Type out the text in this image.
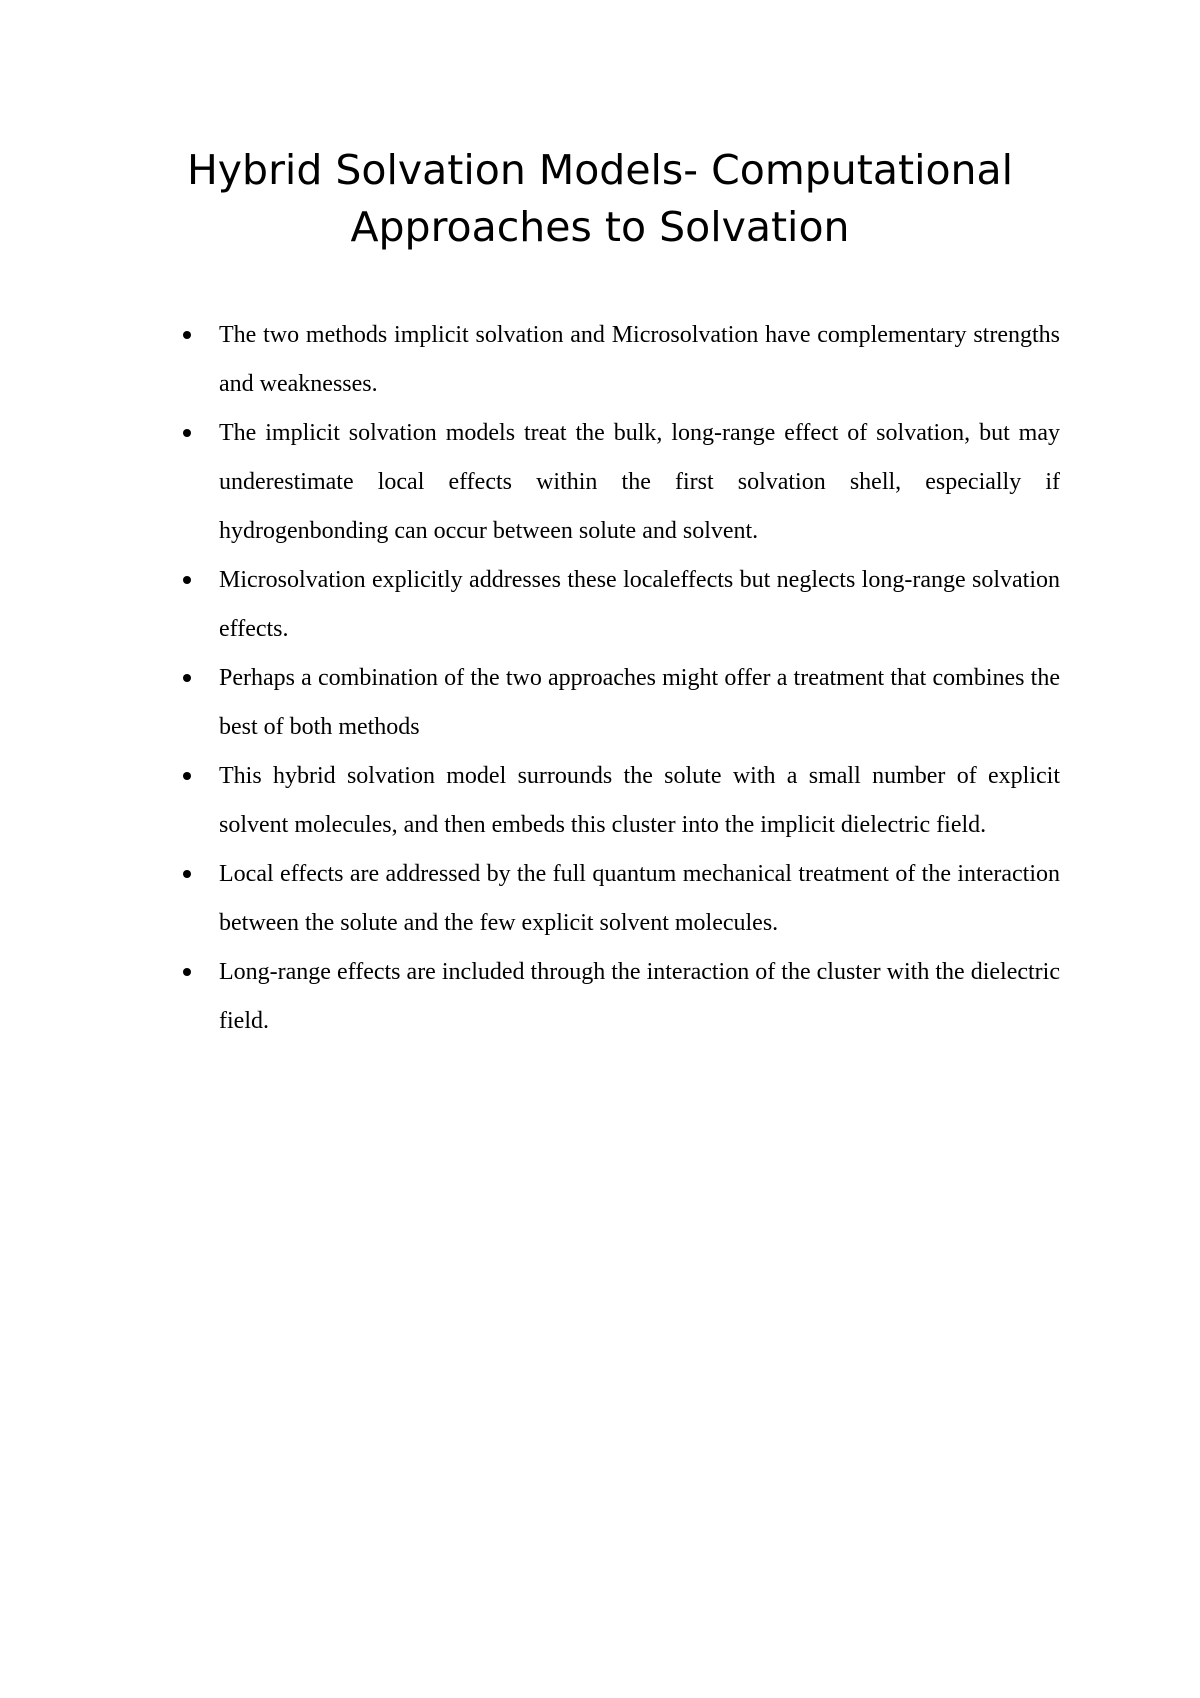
Hybrid Solvation Models- Computational Approaches to Solvation
The two methods implicit solvation and Microsolvation have complementary strengths and weaknesses.
The implicit solvation models treat the bulk, long-range effect of solvation, but may underestimate local effects within the first solvation shell, especially if hydrogenbonding can occur between solute and solvent.
Microsolvation explicitly addresses these localeffects but neglects long-range solvation effects.
Perhaps a combination of the two approaches might offer a treatment that combines the best of both methods
This hybrid solvation model surrounds the solute with a small number of explicit solvent molecules, and then embeds this cluster into the implicit dielectric field.
Local effects are addressed by the full quantum mechanical treatment of the interaction between the solute and the few explicit solvent molecules.
Long-range effects are included through the interaction of the cluster with the dielectric field.
